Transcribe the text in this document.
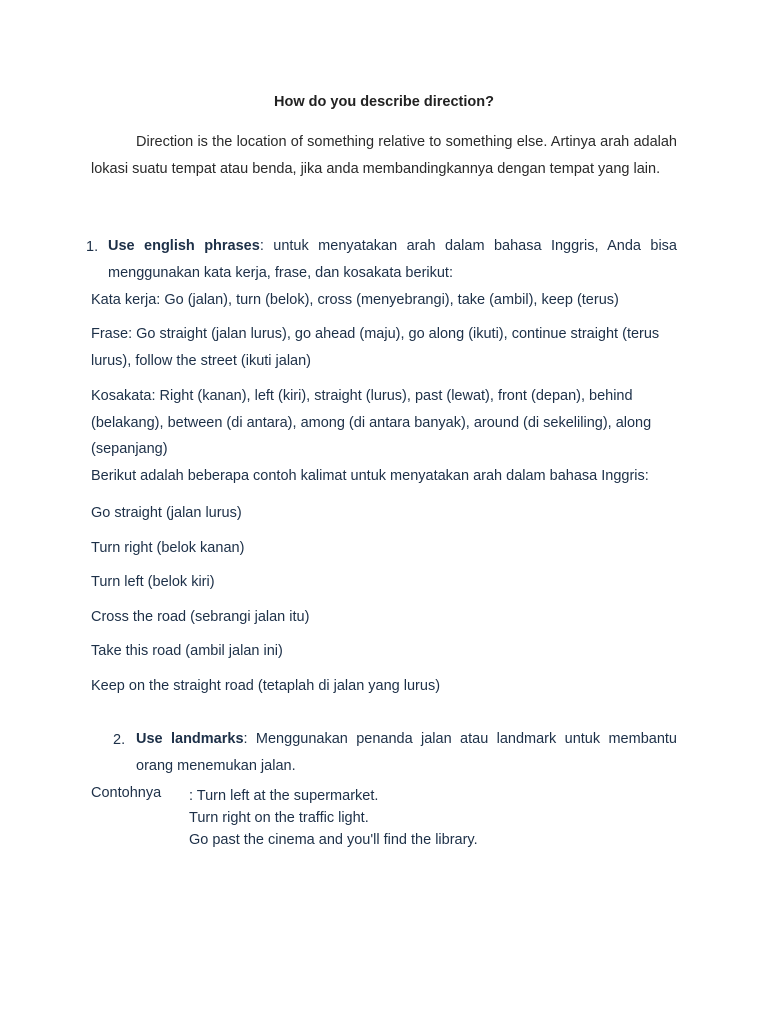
How do you describe direction?

Direction is the location of something relative to something else. Artinya arah adalah lokasi suatu tempat atau benda, jika anda membandingkannya dengan tempat yang lain.

1. Use english phrases: untuk menyatakan arah dalam bahasa Inggris, Anda bisa menggunakan kata kerja, frase, dan kosakata berikut:

Kata kerja: Go (jalan), turn (belok), cross (menyebrangi), take (ambil), keep (terus)

Frase: Go straight (jalan lurus), go ahead (maju), go along (ikuti), continue straight (terus lurus), follow the street (ikuti jalan)

Kosakata: Right (kanan), left (kiri), straight (lurus), past (lewat), front (depan), behind (belakang), between (di antara), among (di antara banyak), around (di sekeliling), along (sepanjang)

Berikut adalah beberapa contoh kalimat untuk menyatakan arah dalam bahasa Inggris:

Go straight (jalan lurus)

Turn right (belok kanan)

Turn left (belok kiri)

Cross the road (sebrangi jalan itu)

Take this road (ambil jalan ini)

Keep on the straight road (tetaplah di jalan yang lurus)

2. Use landmarks: Menggunakan penanda jalan atau landmark untuk membantu orang menemukan jalan.

Contohnya : Turn left at the supermarket.
Turn right on the traffic light.
Go past the cinema and you'll find the library.
